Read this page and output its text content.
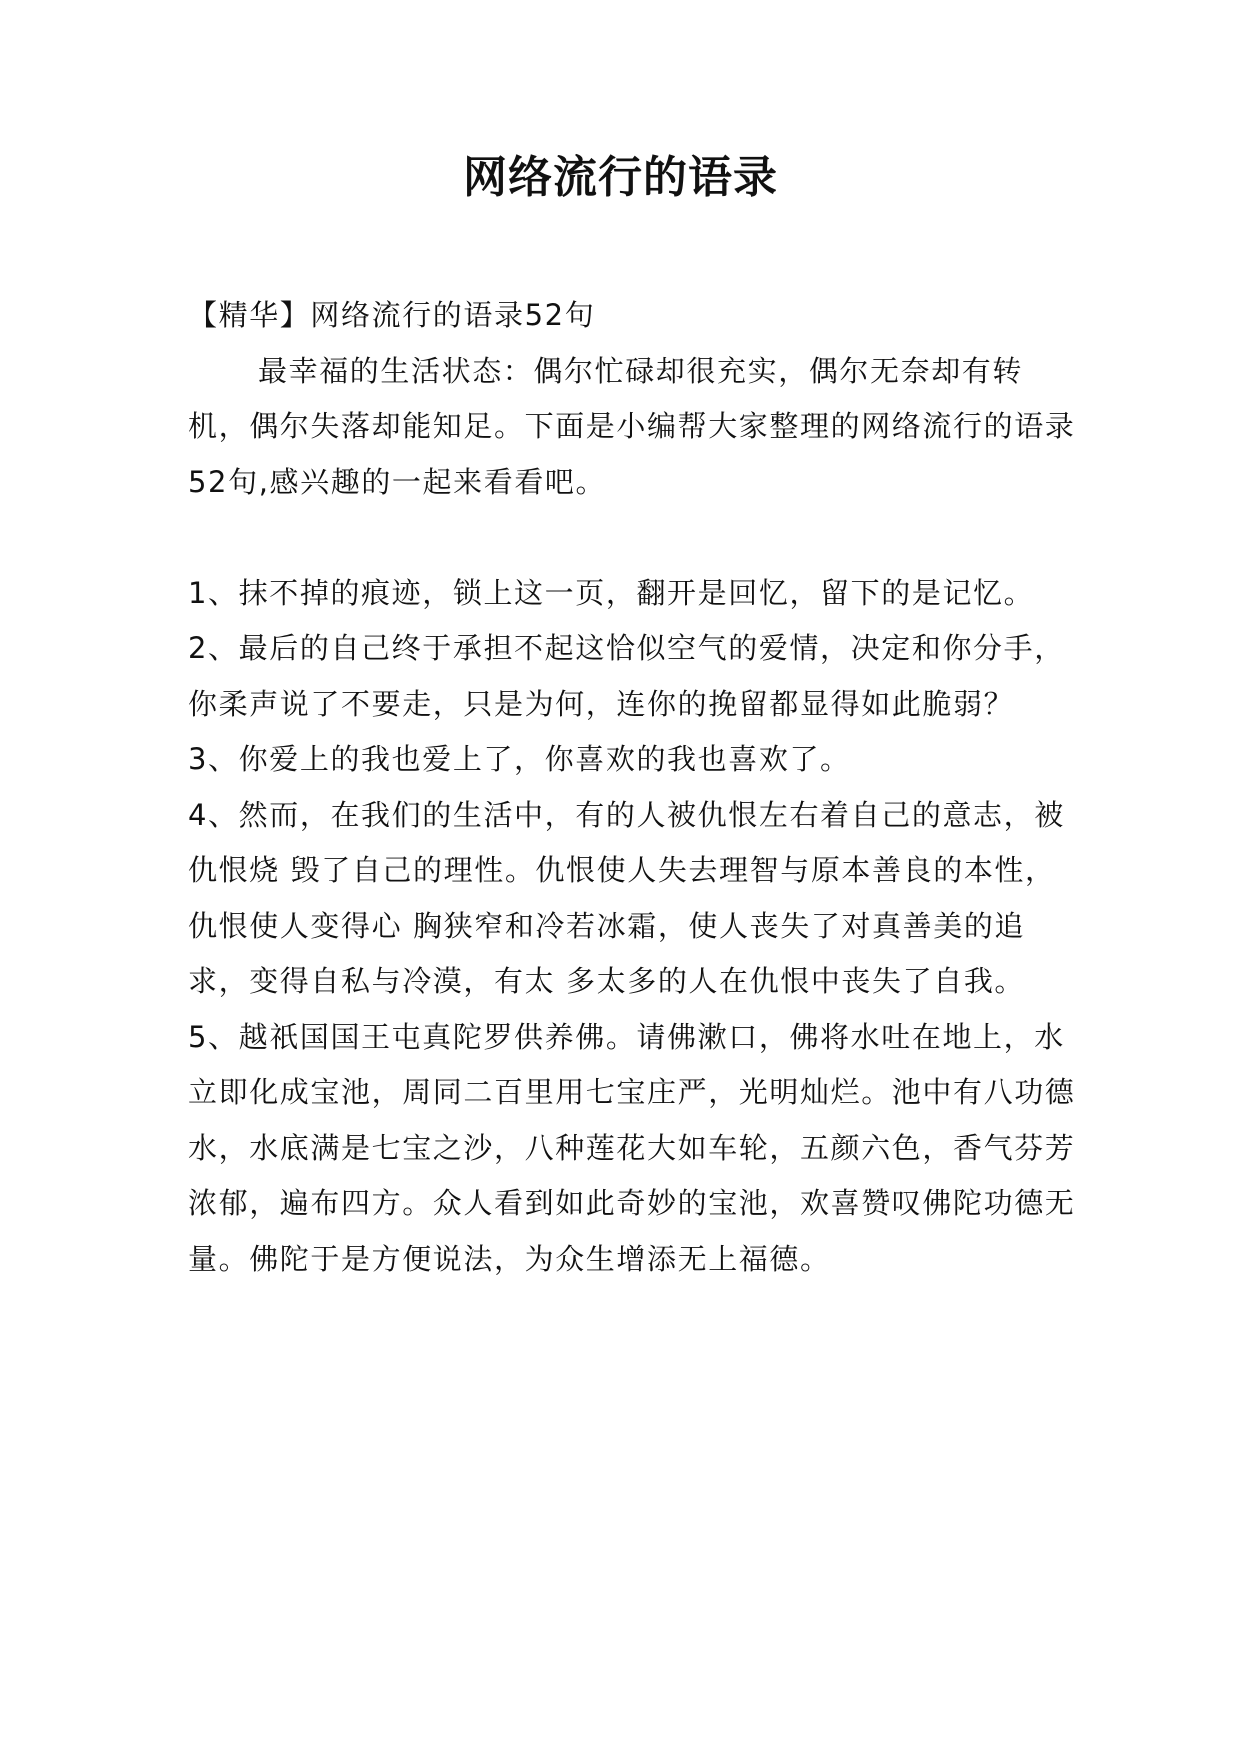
网络流行的语录

【精华】网络流行的语录52句

最幸福的生活状态：偶尔忙碌却很充实，偶尔无奈却有转机，偶尔失落却能知足。下面是小编帮大家整理的网络流行的语录52句,感兴趣的一起来看看吧。

1、抹不掉的痕迹，锁上这一页，翻开是回忆，留下的是记忆。

2、最后的自己终于承担不起这恰似空气的爱情，决定和你分手，你柔声说了不要走，只是为何，连你的挽留都显得如此脆弱？

3、你爱上的我也爱上了，你喜欢的我也喜欢了。

4、然而，在我们的生活中，有的人被仇恨左右着自己的意志，被仇恨烧 毁了自己的理性。仇恨使人失去理智与原本善良的本性，仇恨使人变得心 胸狭窄和冷若冰霜，使人丧失了对真善美的追求，变得自私与冷漠，有太 多太多的人在仇恨中丧失了自我。

5、越祇国国王屯真陀罗供养佛。请佛漱口，佛将水吐在地上，水立即化成宝池，周同二百里用七宝庄严，光明灿烂。池中有八功德水，水底满是七宝之沙，八种莲花大如车轮，五颜六色，香气芬芳浓郁，遍布四方。众人看到如此奇妙的宝池，欢喜赞叹佛陀功德无量。佛陀于是方便说法，为众生增添无上福德。
